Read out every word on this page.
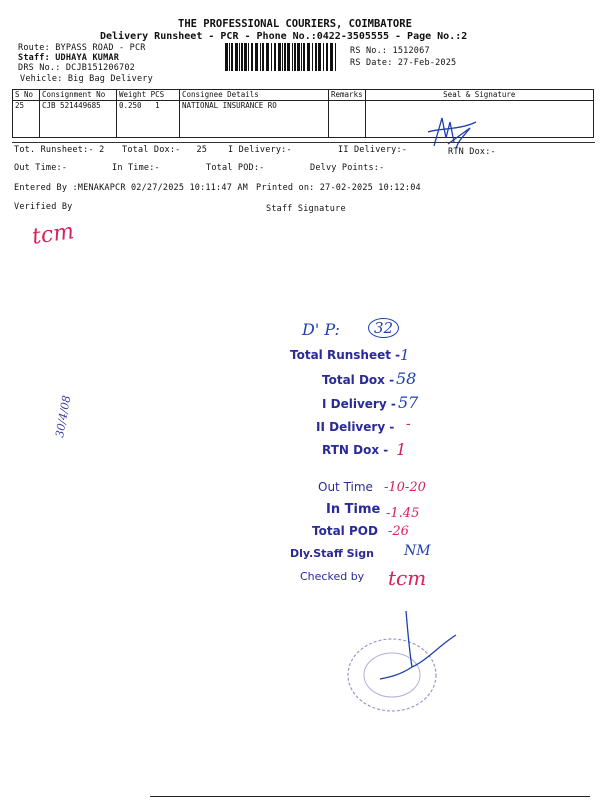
THE PROFESSIONAL COURIERS, COIMBATORE
Delivery Runsheet - PCR - Phone No.:0422-3505555 - Page No.:2
Route: BYPASS ROAD - PCR
Staff: UDHAYA KUMAR
DRS No.: DCJB151206702
Vehicle: Big Bag Delivery
RS No.: 1512067
RS Date: 27-Feb-2025
S No	Consignment No	Weight PCS	Consignee Details	Remarks	Seal & Signature
25	CJB 521449685	0.250   1	NATIONAL INSURANCE RO		
Tot. Runsheet:- 2 Total Dox:-   25 I Delivery:-	II Delivery:-	RTN Dox:-
Out Time:-	In Time:-	Total POD:-	Delvy Points:-
Entered By :MENAKAPCR 02/27/2025 10:11:47 AM Printed on: 27-02-2025 10:12:04
Verified By	Staff Signature
tcm
30/4/08
D' P:	32
Total Runsheet - 1
Total Dox - 58
I Delivery - 57
II Delivery - -
RTN Dox - 1
Out Time -10-20
In Time -1.45
Total POD -26
Dly.Staff Sign NM
Checked by tcm
